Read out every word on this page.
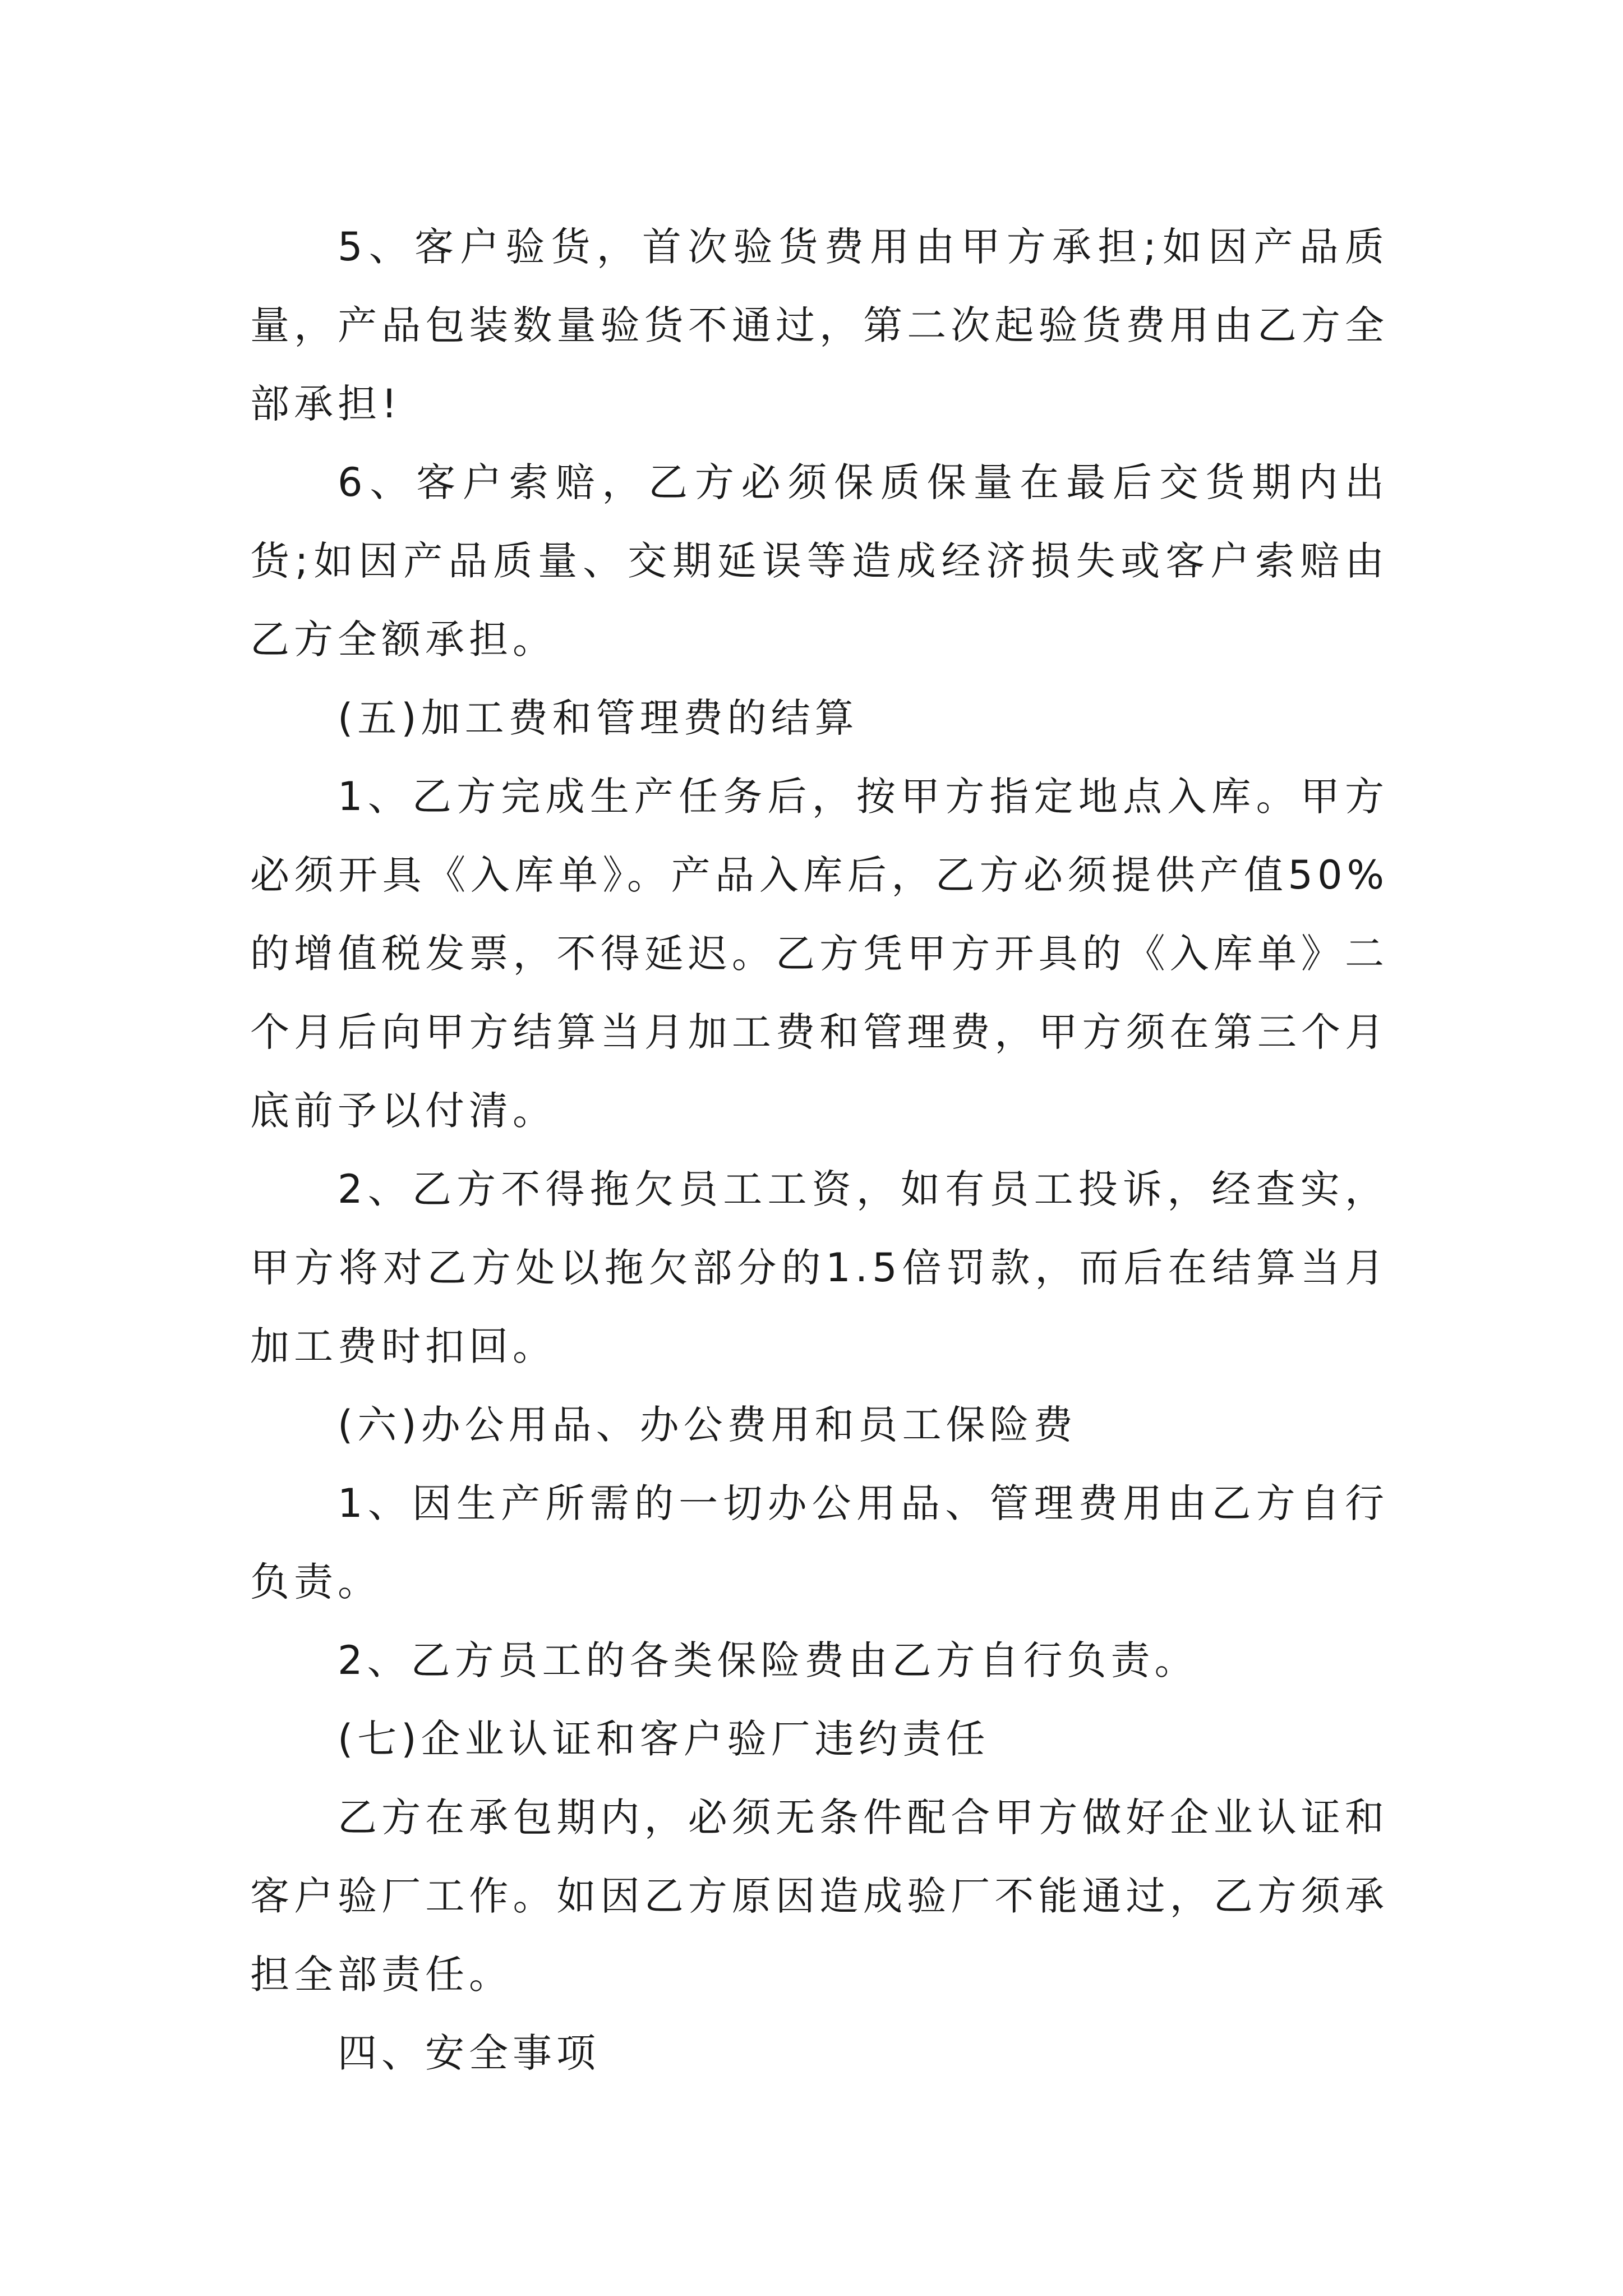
5、客户验货，首次验货费用由甲方承担;如因产品质量，产品包装数量验货不通过，第二次起验货费用由乙方全部承担!

6、客户索赔，乙方必须保质保量在最后交货期内出货;如因产品质量、交期延误等造成经济损失或客户索赔由乙方全额承担。

(五)加工费和管理费的结算

1、乙方完成生产任务后，按甲方指定地点入库。甲方必须开具《入库单》。产品入库后，乙方必须提供产值50%的增值税发票，不得延迟。乙方凭甲方开具的《入库单》二个月后向甲方结算当月加工费和管理费，甲方须在第三个月底前予以付清。

2、乙方不得拖欠员工工资，如有员工投诉，经查实，甲方将对乙方处以拖欠部分的1.5倍罚款，而后在结算当月加工费时扣回。

(六)办公用品、办公费用和员工保险费

1、因生产所需的一切办公用品、管理费用由乙方自行负责。

2、乙方员工的各类保险费由乙方自行负责。

(七)企业认证和客户验厂违约责任

乙方在承包期内，必须无条件配合甲方做好企业认证和客户验厂工作。如因乙方原因造成验厂不能通过，乙方须承担全部责任。

四、安全事项
